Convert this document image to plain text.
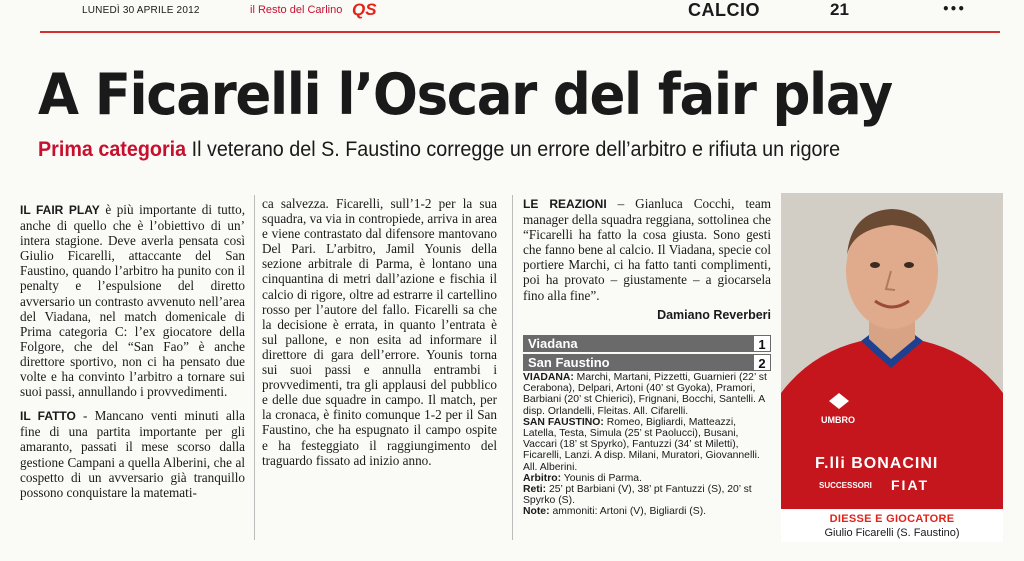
LUNEDÌ 30 APRILE 2012	il Resto del Carlino QS	CALCIO	21	•••
A Ficarelli l’Oscar del fair play
Prima categoria Il veterano del S. Faustino corregge un errore dell’arbitro e rifiuta un rigore

IL FAIR PLAY è più importante di tutto, anche di quello che è l’obiettivo di un’ intera stagione. Deve averla pensata così Giulio Ficarelli, attaccante del San Faustino, quando l’arbitro ha punito con il penalty e l’espulsione del diretto avversario un contrasto avvenuto nell’area del Viadana, nel match domenicale di Prima categoria C: l’ex giocatore della Folgore, che del “San Fao” è anche direttore sportivo, non ci ha pensato due volte e ha convinto l’arbitro a tornare sui suoi passi, annullando i provvedimenti.

IL FATTO - Mancano venti minuti alla fine di una partita importante per gli amaranto, passati il mese scorso dalla gestione Campani a quella Alberini, che al cospetto di un avversario già tranquillo possono conquistare la matemati-

ca salvezza. Ficarelli, sull’1-2 per la sua squadra, va via in contropiede, arriva in area e viene contrastato dal difensore mantovano Del Pari. L’arbitro, Jamil Younis della sezione arbitrale di Parma, è lontano una cinquantina di metri dall’azione e fischia il calcio di rigore, oltre ad estrarre il cartellino rosso per l’autore del fallo. Ficarelli sa che la decisione è errata, in quanto l’entrata è sul pallone, e non esita ad informare il direttore di gara dell’errore. Younis torna sui suoi passi e annulla entrambi i provvedimenti, tra gli applausi del pubblico e delle due squadre in campo. Il match, per la cronaca, è finito comunque 1-2 per il San Faustino, che ha espugnato il campo ospite e ha festeggiato il raggiungimento del traguardo fissato ad inizio anno.

LE REAZIONI – Gianluca Cocchi, team manager della squadra reggiana, sottolinea che “Ficarelli ha fatto la cosa giusta. Sono gesti che fanno bene al calcio. Il Viadana, specie col portiere Marchi, ci ha fatto tanti complimenti, poi ha provato – giustamente – a giocarsela fino alla fine”.

Damiano Reverberi
Viadana	1
San Faustino	2
VIADANA: Marchi, Martani, Pizzetti, Guarnieri (22’ st Cerabona), Delpari, Artoni (40’ st Gyoka), Pramori, Barbiani (20’ st Chierici), Frignani, Bocchi, Santelli. A disp. Orlandelli, Fleitas. All. Cifarelli.
SAN FAUSTINO: Romeo, Bigliardi, Matteazzi, Latella, Testa, Simula (25’ st Paolucci), Busani, Vaccari (18’ st Spyrko), Fantuzzi (34’ st Miletti), Ficarelli, Lanzi. A disp. Milani, Muratori, Giovannelli. All. Alberini.
Arbitro: Younis di Parma.
Reti: 25’ pt Barbiani (V), 38’ pt Fantuzzi (S), 20’ st Spyrko (S).
Note: ammoniti: Artoni (V), Bigliardi (S).
UMBRO
F.lli BONACINI
SUCCESSORI FIAT
DIESSE E GIOCATORE
Giulio Ficarelli (S. Faustino)
